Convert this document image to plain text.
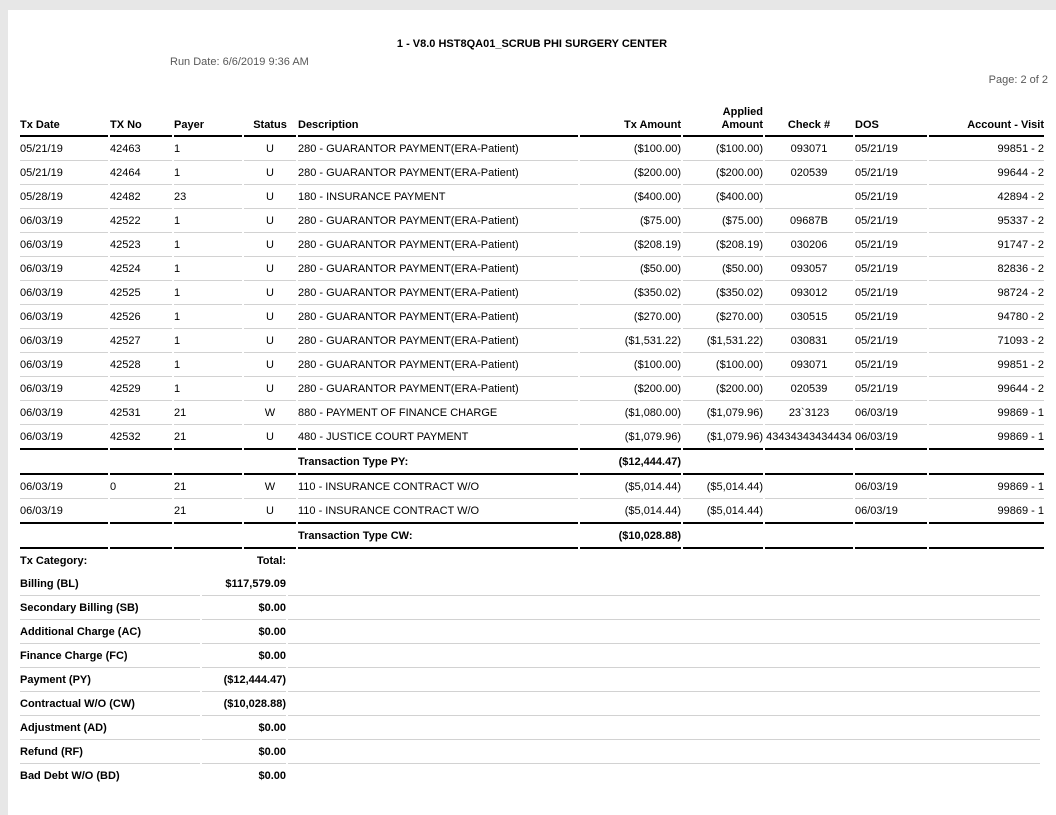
1 - V8.0 HST8QA01_SCRUB PHI SURGERY CENTER
Run Date: 6/6/2019 9:36 AM
Page: 2 of 2
Tx Date	TX No	Payer	Status	Description	Tx Amount	Applied Amount	Check #	DOS	Account - Visit
05/21/19	42463	1	U	280 - GUARANTOR PAYMENT(ERA-Patient)	($100.00)	($100.00)	093071	05/21/19	99851 - 2
05/21/19	42464	1	U	280 - GUARANTOR PAYMENT(ERA-Patient)	($200.00)	($200.00)	020539	05/21/19	99644 - 2
05/28/19	42482	23	U	180 - INSURANCE PAYMENT	($400.00)	($400.00)		05/21/19	42894 - 2
06/03/19	42522	1	U	280 - GUARANTOR PAYMENT(ERA-Patient)	($75.00)	($75.00)	09687B	05/21/19	95337 - 2
06/03/19	42523	1	U	280 - GUARANTOR PAYMENT(ERA-Patient)	($208.19)	($208.19)	030206	05/21/19	91747 - 2
06/03/19	42524	1	U	280 - GUARANTOR PAYMENT(ERA-Patient)	($50.00)	($50.00)	093057	05/21/19	82836 - 2
06/03/19	42525	1	U	280 - GUARANTOR PAYMENT(ERA-Patient)	($350.02)	($350.02)	093012	05/21/19	98724 - 2
06/03/19	42526	1	U	280 - GUARANTOR PAYMENT(ERA-Patient)	($270.00)	($270.00)	030515	05/21/19	94780 - 2
06/03/19	42527	1	U	280 - GUARANTOR PAYMENT(ERA-Patient)	($1,531.22)	($1,531.22)	030831	05/21/19	71093 - 2
06/03/19	42528	1	U	280 - GUARANTOR PAYMENT(ERA-Patient)	($100.00)	($100.00)	093071	05/21/19	99851 - 2
06/03/19	42529	1	U	280 - GUARANTOR PAYMENT(ERA-Patient)	($200.00)	($200.00)	020539	05/21/19	99644 - 2
06/03/19	42531	21	W	880 - PAYMENT OF FINANCE CHARGE	($1,080.00)	($1,079.96)	23`3123	06/03/19	99869 - 1
06/03/19	42532	21	U	480 - JUSTICE COURT PAYMENT	($1,079.96)	($1,079.96)	43434343434434	06/03/19	99869 - 1
				Transaction Type PY:	($12,444.47)				
06/03/19	0	21	W	110 - INSURANCE CONTRACT W/O	($5,014.44)	($5,014.44)		06/03/19	99869 - 1
06/03/19		21	U	110 - INSURANCE CONTRACT W/O	($5,014.44)	($5,014.44)		06/03/19	99869 - 1
				Transaction Type CW:	($10,028.88)				
Tx Category:	Total:	
Billing (BL)	$117,579.09	
Secondary Billing (SB)	$0.00	
Additional Charge (AC)	$0.00	
Finance Charge (FC)	$0.00	
Payment (PY)	($12,444.47)	
Contractual W/O (CW)	($10,028.88)	
Adjustment (AD)	$0.00	
Refund (RF)	$0.00	
Bad Debt W/O (BD)	$0.00	
